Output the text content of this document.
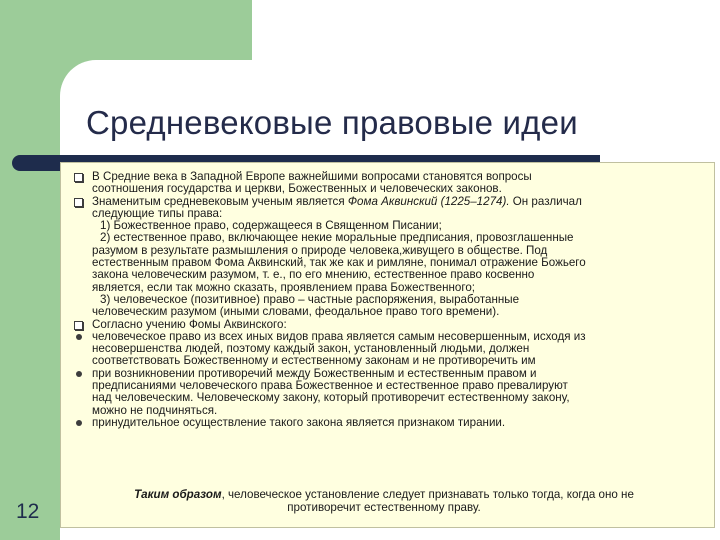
Средневековые правовые идеи
В Средние века в Западной Европе важнейшими вопросами становятся вопросы
соотношения государства и церкви, Божественных и человеческих законов.
Знаменитым средневековым ученым является Фома Аквинский (1225–1274). Он различал
следующие типы права:
1) Божественное право, содержащееся в Священном Писании;
2) естественное право, включающее некие моральные предписания, провозглашенные
разумом в результате размышления о природе человека,живущего в обществе. Под
естественным правом Фома Аквинский, так же как и римляне, понимал отражение Божьего
закона человеческим разумом, т. е., по его мнению, естественное право косвенно
является, если так можно сказать, проявлением права Божественного;
3) человеческое (позитивное) право – частные распоряжения, выработанные
человеческим разумом (иными словами, феодальное право того времени).
Согласно учению Фомы Аквинского:
человеческое право из всех иных видов права является самым несовершенным, исходя из
несовершенства людей, поэтому каждый закон, установленный людьми, должен
соответствовать Божественному и естественному законам и не противоречить им
при возникновении противоречий между Божественным и естественным правом и
предписаниями человеческого права Божественное и естественное право превалируют
над человеческим. Человеческому закону, который противоречит естественному закону,
можно не подчиняться.
принудительное осуществление такого закона является признаком тирании.
Таким образом, человеческое установление следует признавать только тогда, когда оно не
противоречит естественному праву.
12
